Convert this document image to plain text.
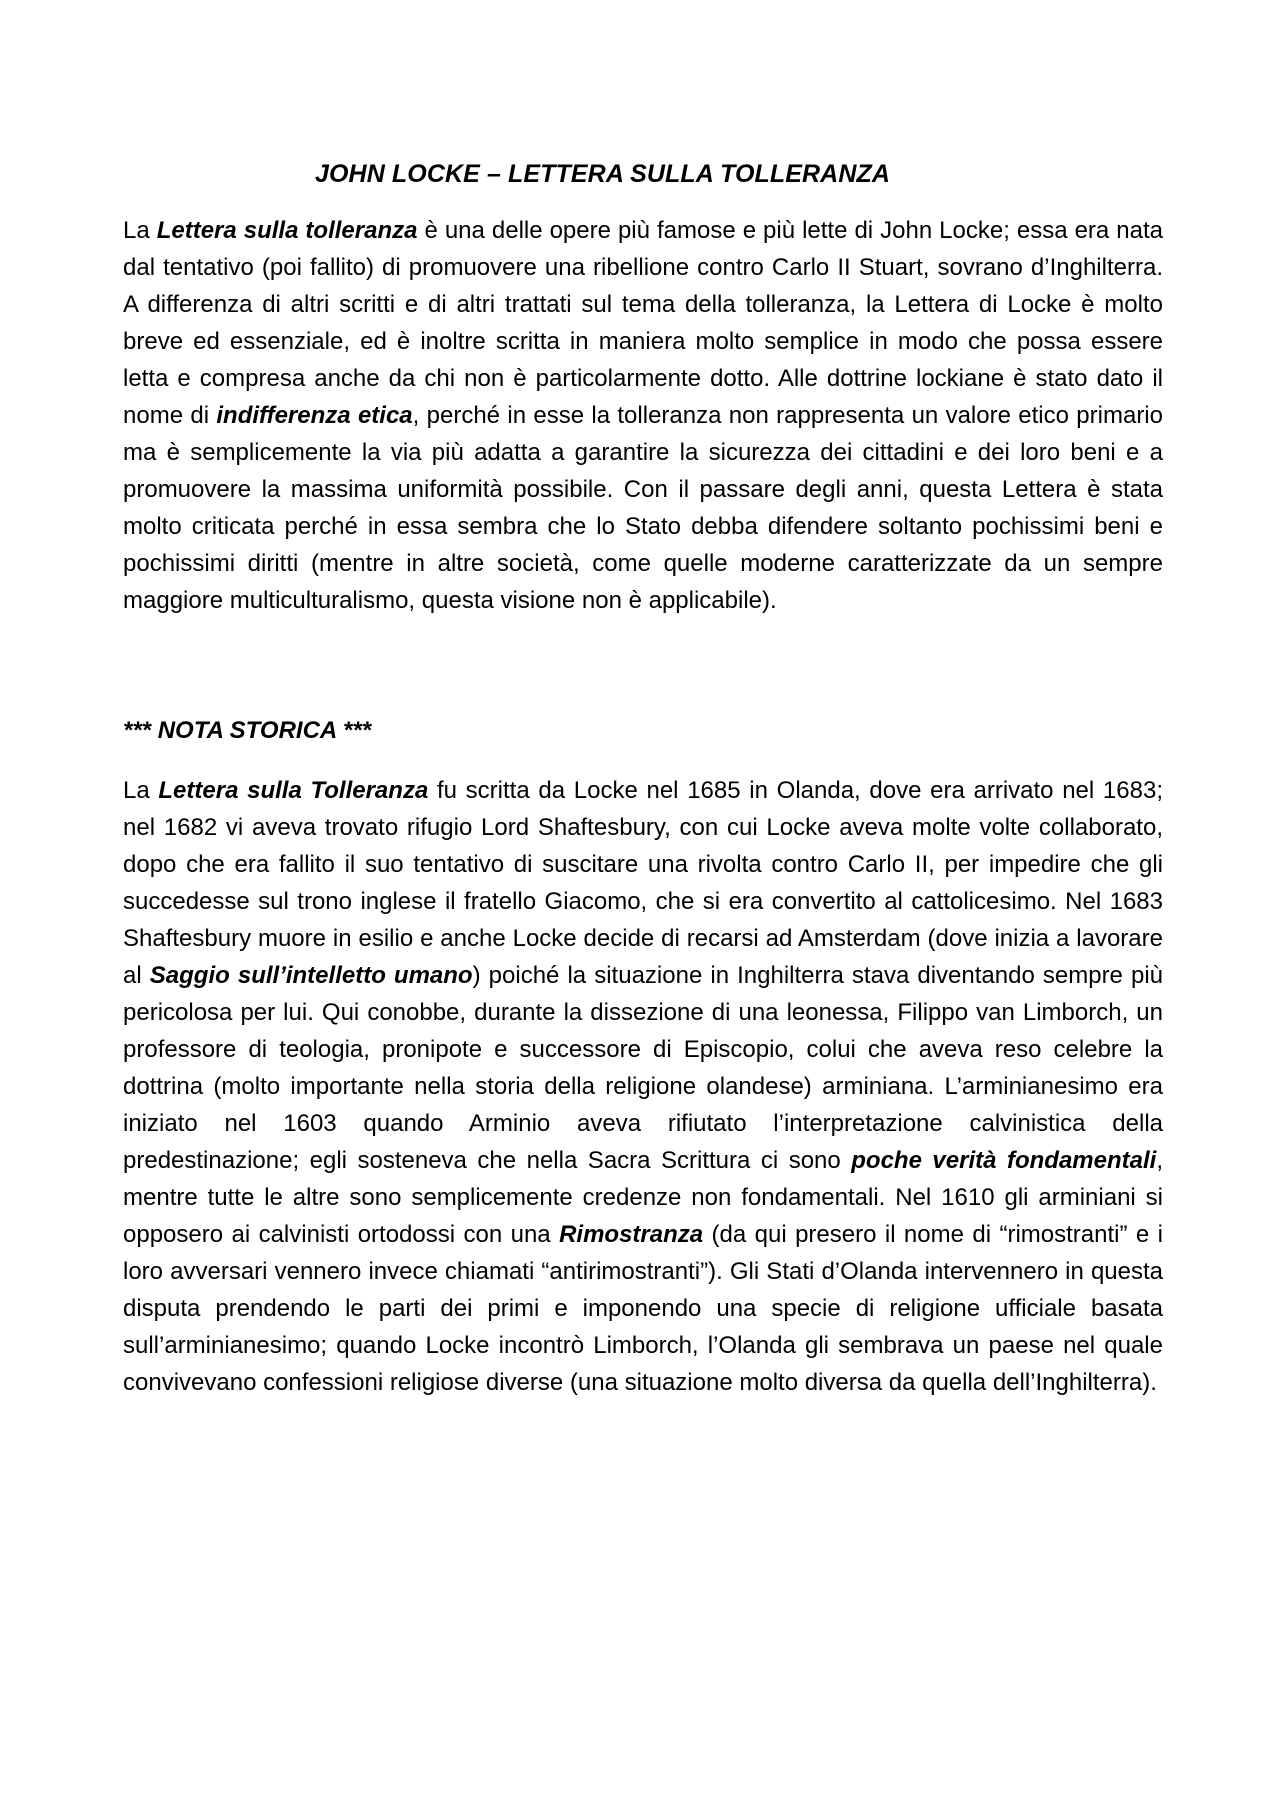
JOHN LOCKE – LETTERA SULLA TOLLERANZA

La Lettera sulla tolleranza è una delle opere più famose e più lette di John Locke; essa era nata dal tentativo (poi fallito) di promuovere una ribellione contro Carlo II Stuart, sovrano d’Inghilterra. A differenza di altri scritti e di altri trattati sul tema della tolleranza, la Lettera di Locke è molto breve ed essenziale, ed è inoltre scritta in maniera molto semplice in modo che possa essere letta e compresa anche da chi non è particolarmente dotto. Alle dottrine lockiane è stato dato il nome di indifferenza etica, perché in esse la tolleranza non rappresenta un valore etico primario ma è semplicemente la via più adatta a garantire la sicurezza dei cittadini e dei loro beni e a promuovere la massima uniformità possibile. Con il passare degli anni, questa Lettera è stata molto criticata perché in essa sembra che lo Stato debba difendere soltanto pochissimi beni e pochissimi diritti (mentre in altre società, come quelle moderne caratterizzate da un sempre maggiore multiculturalismo, questa visione non è applicabile).

*** NOTA STORICA ***

La Lettera sulla Tolleranza fu scritta da Locke nel 1685 in Olanda, dove era arrivato nel 1683; nel 1682 vi aveva trovato rifugio Lord Shaftesbury, con cui Locke aveva molte volte collaborato, dopo che era fallito il suo tentativo di suscitare una rivolta contro Carlo II, per impedire che gli succedesse sul trono inglese il fratello Giacomo, che si era convertito al cattolicesimo. Nel 1683 Shaftesbury muore in esilio e anche Locke decide di recarsi ad Amsterdam (dove inizia a lavorare al Saggio sull’intelletto umano) poiché la situazione in Inghilterra stava diventando sempre più pericolosa per lui. Qui conobbe, durante la dissezione di una leonessa, Filippo van Limborch, un professore di teologia, pronipote e successore di Episcopio, colui che aveva reso celebre la dottrina (molto importante nella storia della religione olandese) arminiana. L’arminianesimo era iniziato nel 1603 quando Arminio aveva rifiutato l’interpretazione calvinistica della predestinazione; egli sosteneva che nella Sacra Scrittura ci sono poche verità fondamentali, mentre tutte le altre sono semplicemente credenze non fondamentali. Nel 1610 gli arminiani si opposero ai calvinisti ortodossi con una Rimostranza (da qui presero il nome di “rimostranti” e i loro avversari vennero invece chiamati “antirimostranti”). Gli Stati d’Olanda intervennero in questa disputa prendendo le parti dei primi e imponendo una specie di religione ufficiale basata sull’arminianesimo; quando Locke incontrò Limborch, l’Olanda gli sembrava un paese nel quale convivevano confessioni religiose diverse (una situazione molto diversa da quella dell’Inghilterra).
